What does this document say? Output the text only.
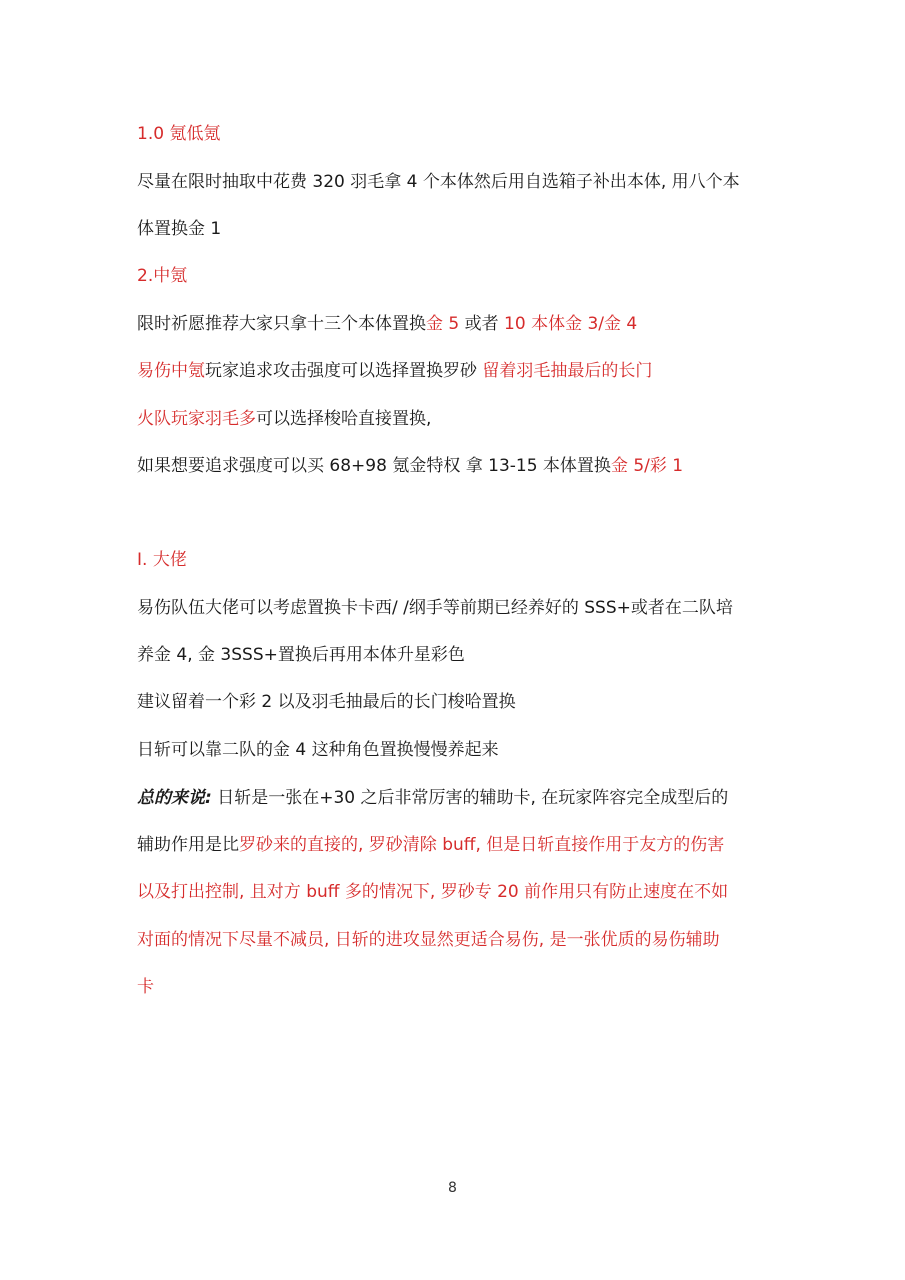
1.0 氪低氪
尽量在限时抽取中花费 320 羽毛拿 4 个本体然后用自选箱子补出本体, 用八个本
体置换金 1
2.中氪
限时祈愿推荐大家只拿十三个本体置换金 5 或者 10 本体金 3/金 4
易伤中氪玩家追求攻击强度可以选择置换罗砂 留着羽毛抽最后的长门
火队玩家羽毛多可以选择梭哈直接置换,
如果想要追求强度可以买 68+98 氪金特权 拿 13-15 本体置换金 5/彩 1
I. 大佬
易伤队伍大佬可以考虑置换卡卡西/ /纲手等前期已经养好的 SSS+或者在二队培
养金 4, 金 3SSS+置换后再用本体升星彩色
建议留着一个彩 2 以及羽毛抽最后的长门梭哈置换
日斩可以靠二队的金 4 这种角色置换慢慢养起来
总的来说: 日斩是一张在+30 之后非常厉害的辅助卡, 在玩家阵容完全成型后的
辅助作用是比罗砂来的直接的, 罗砂清除 buff, 但是日斩直接作用于友方的伤害
以及打出控制, 且对方 buff 多的情况下, 罗砂专 20 前作用只有防止速度在不如
对面的情况下尽量不减员, 日斩的进攻显然更适合易伤, 是一张优质的易伤辅助
卡
8
